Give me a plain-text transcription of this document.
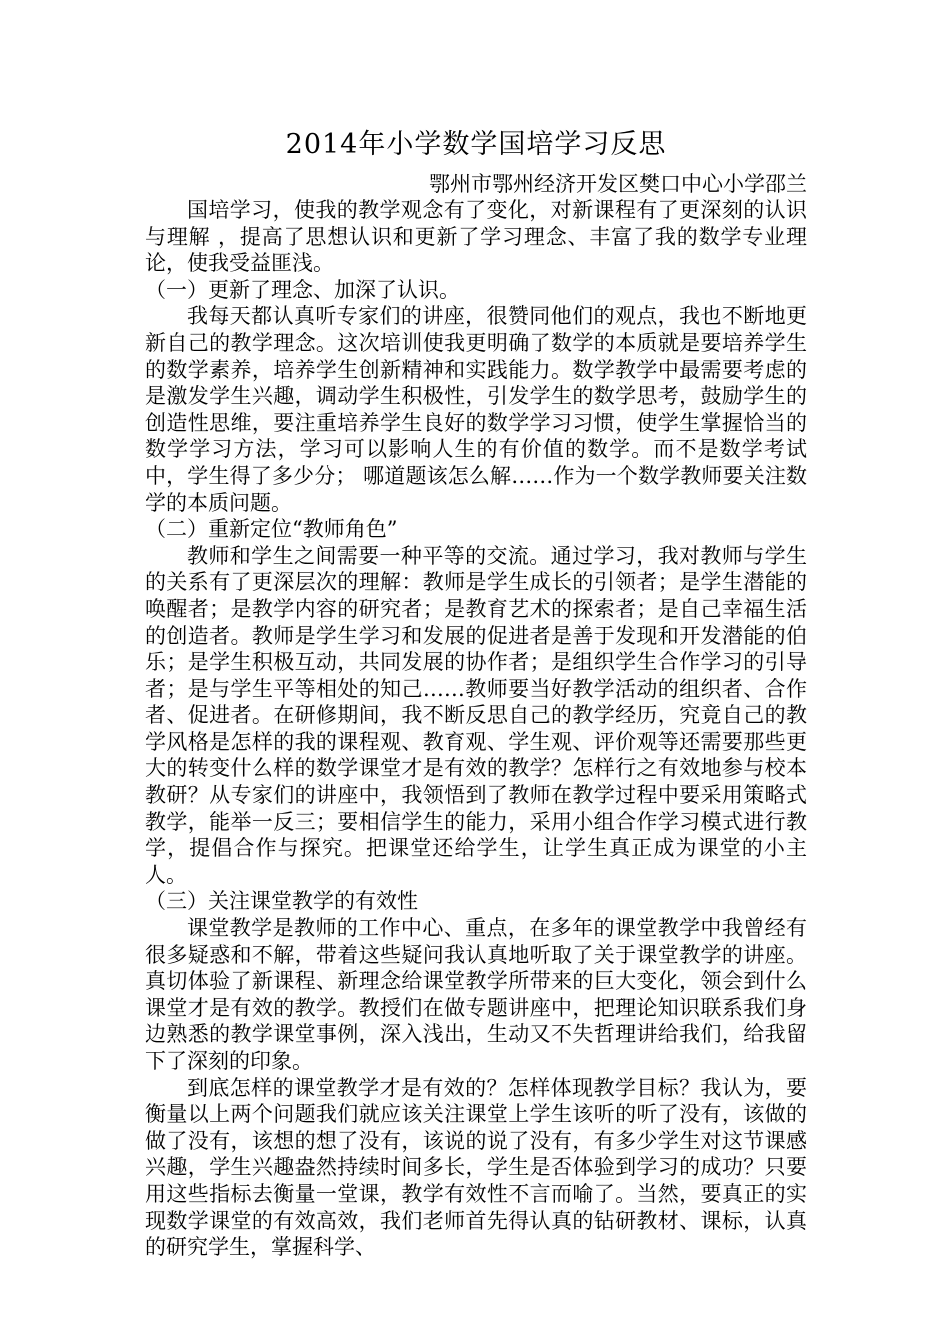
2014年小学数学国培学习反思

鄂州市鄂州经济开发区樊口中心小学邵兰

国培学习，使我的教学观念有了变化，对新课程有了更深刻的认识与理解 ，提高了思想认识和更新了学习理念、丰富了我的数学专业理论，使我受益匪浅。

（一）更新了理念、加深了认识。

我每天都认真听专家们的讲座，很赞同他们的观点，我也不断地更新自己的教学理念。这次培训使我更明确了数学的本质就是要培养学生的数学素养，培养学生创新精神和实践能力。数学教学中最需要考虑的是激发学生兴趣，调动学生积极性，引发学生的数学思考，鼓励学生的创造性思维，要注重培养学生良好的数学学习习惯，使学生掌握恰当的数学学习方法，学习可以影响人生的有价值的数学。而不是数学考试中，学生得了多少分； 哪道题该怎么解……作为一个数学教师要关注数学的本质问题。

（二）重新定位“教师角色”

教师和学生之间需要一种平等的交流。通过学习，我对教师与学生的关系有了更深层次的理解：教师是学生成长的引领者；是学生潜能的唤醒者；是教学内容的研究者；是教育艺术的探索者；是自己幸福生活的创造者。教师是学生学习和发展的促进者是善于发现和开发潜能的伯乐；是学生积极互动，共同发展的协作者；是组织学生合作学习的引导者；是与学生平等相处的知己……教师要当好教学活动的组织者、合作者、促进者。在研修期间，我不断反思自己的教学经历，究竟自己的教学风格是怎样的我的课程观、教育观、学生观、评价观等还需要那些更大的转变什么样的数学课堂才是有效的教学？怎样行之有效地参与校本教研？从专家们的讲座中，我领悟到了教师在教学过程中要采用策略式教学，能举一反三；要相信学生的能力，采用小组合作学习模式进行教学，提倡合作与探究。把课堂还给学生，让学生真正成为课堂的小主人。

（三）关注课堂教学的有效性

课堂教学是教师的工作中心、重点，在多年的课堂教学中我曾经有很多疑惑和不解，带着这些疑问我认真地听取了关于课堂教学的讲座。真切体验了新课程、新理念给课堂教学所带来的巨大变化，领会到什么课堂才是有效的教学。教授们在做专题讲座中，把理论知识联系我们身边熟悉的教学课堂事例，深入浅出，生动又不失哲理讲给我们，给我留下了深刻的印象。

到底怎样的课堂教学才是有效的？怎样体现教学目标？我认为，要衡量以上两个问题我们就应该关注课堂上学生该听的听了没有，该做的做了没有，该想的想了没有，该说的说了没有，有多少学生对这节课感兴趣，学生兴趣盎然持续时间多长，学生是否体验到学习的成功？只要用这些指标去衡量一堂课，教学有效性不言而喻了。当然，要真正的实现数学课堂的有效高效，我们老师首先得认真的钻研教材、课标，认真的研究学生，掌握科学、
